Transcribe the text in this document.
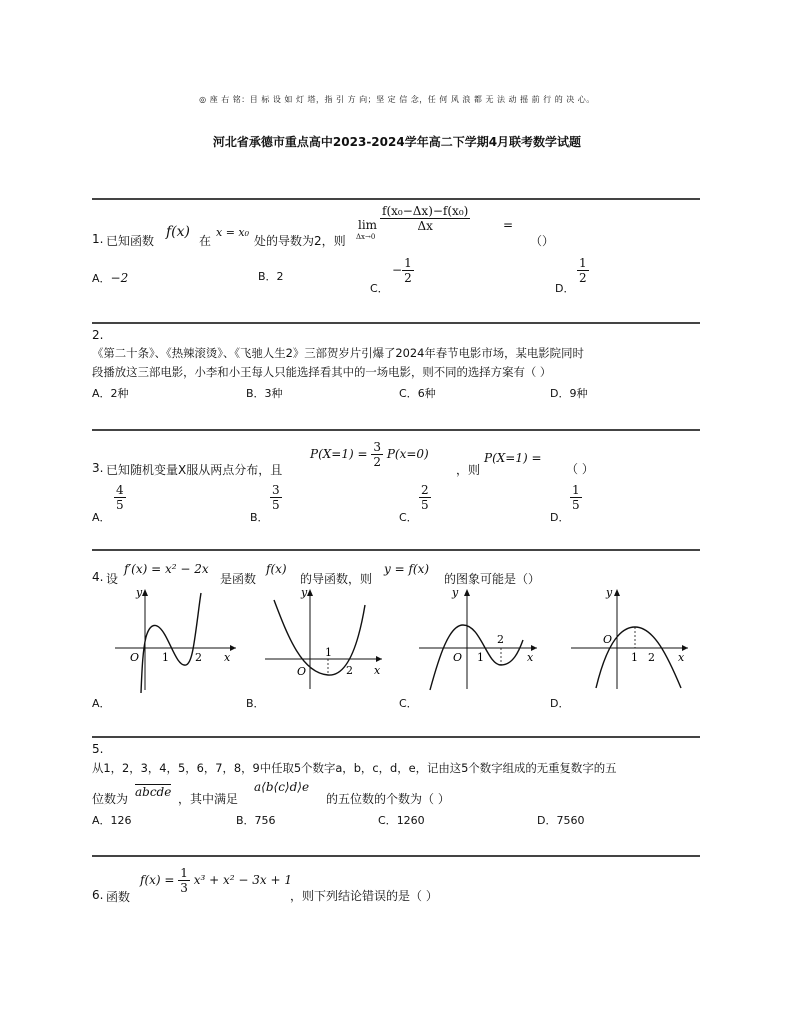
◎ 座 右 铭：目 标 设 如 灯 塔，指 引 方 向；坚 定 信 念，任 何 风 浪 都 无 法 动 摇 前 行 的 决 心。
河北省承德市重点高中2023-2024学年高二下学期4月联考数学试题
1. 已知函数
f(x)
在
x = x₀
处的导数为2，则
lim
Δx→0
$\frac{\text{f(x₀−Δx)−f(x₀)}}{\Delta x}$	=
（）
A．−2	B．2
C．
− $\frac{1}{2}$
D．
$\frac{1}{2}$
2.
《第二十条》、《热辣滚烫》、《飞驰人生2》三部贺岁片引爆了2024年春节电影市场，某电影院同时
段播放这三部电影，小李和小王每人只能选择看其中的一场电影，则不同的选择方案有（ ）
A．2种	B．3种	C．6种	D．9种
3. 已知随机变量X服从两点分布，且
$P(X=1) = \frac{3}{2} P(x=0)$
，则
P(X=1) =
（ ）
A．
$\frac{4}{5}$
B．
$\frac{3}{5}$
C．
$\frac{2}{5}$
D．
$\frac{1}{5}$
4. 设
f′(x) = x² − 2x
是函数
f(x)
的导函数，则
y = f(x)
的图象可能是（）
y
O 1 2 x
y
O
1
2 x
y
O 1
2
x
y
O
1 2 x
A．	B．	C．	D．
5.
从1，2，3，4，5，6，7，8，9中任取5个数字a，b，c，d，e，记由这5个数字组成的无重复数字的五
位数为 abcde ，其中满足
a⟨b⟨c⟩d⟩e
的五位数的个数为（ ）
A．126	B．756	C．1260	D．7560
6. 函数
$f(x) = \frac{1}{3} x^3 + x^2 - 3x + 1$
，则下列结论错误的是（ ）
